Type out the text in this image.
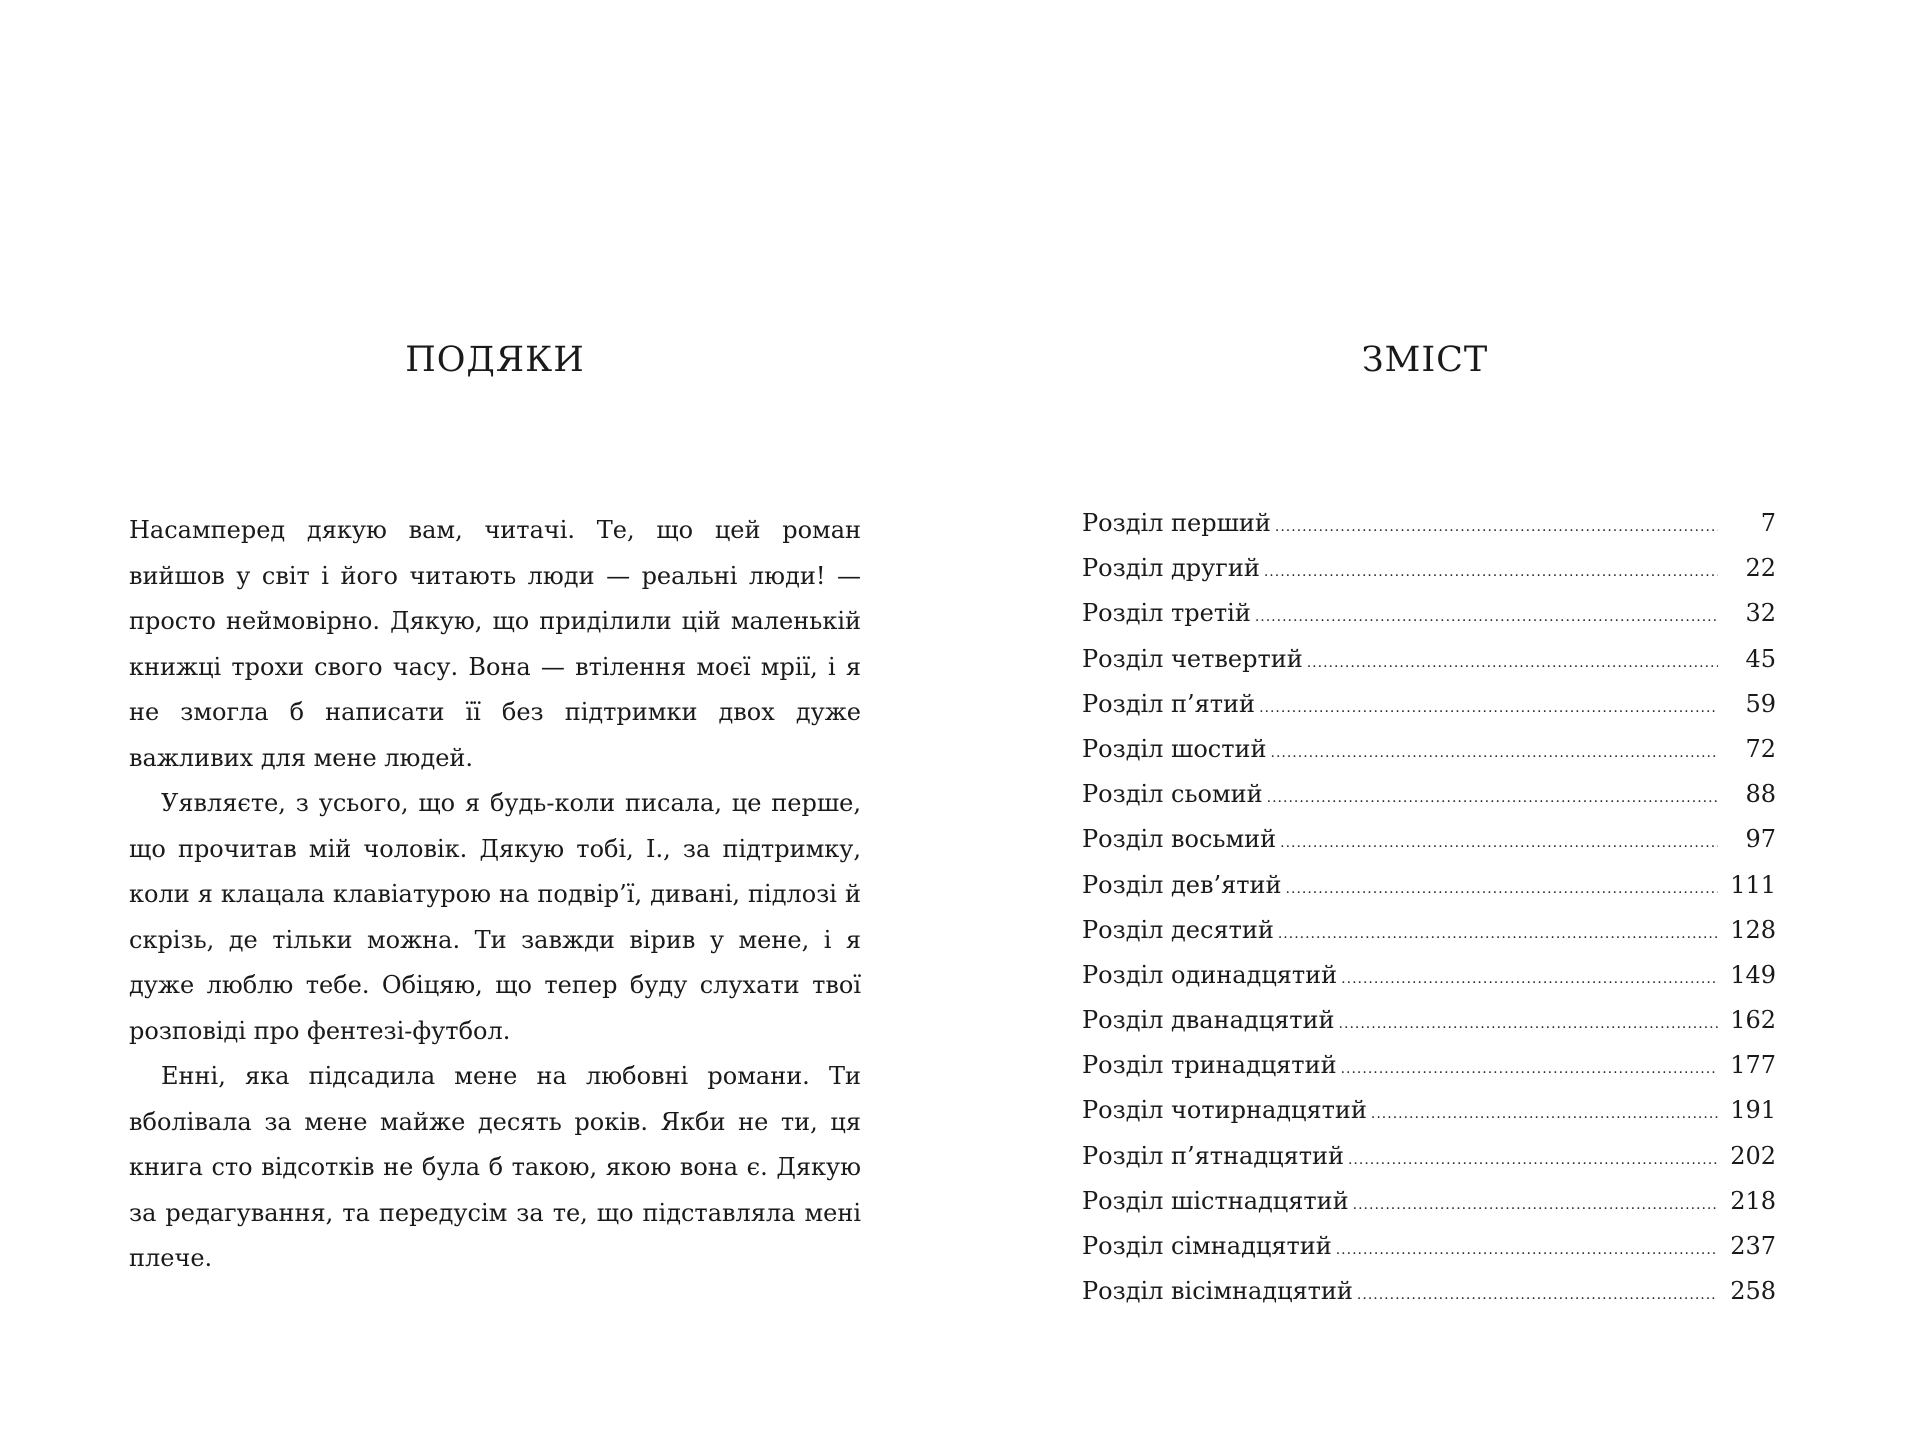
ПОДЯКИ

Насамперед дякую вам, читачі. Те, що цей роман вийшов у світ і його читають люди — реальні люди! — просто неймовірно. Дякую, що приділили цій маленькій книжці трохи свого часу. Вона — втілення моєї мрії, і я не змогла б написати її без підтримки двох дуже важливих для мене людей.

Уявляєте, з усього, що я будь-коли писала, це перше, що прочитав мій чоловік. Дякую тобі, І., за підтримку, коли я клацала клавіатурою на подвір’ї, дивані, підлозі й скрізь, де тільки можна. Ти завжди вірив у мене, і я дуже люблю тебе. Обіцяю, що тепер буду слухати твої розповіді про фентезі-футбол.

Енні, яка підсадила мене на любовні романи. Ти вболівала за мене майже десять років. Якби не ти, ця книга сто відсотків не була б такою, якою вона є. Дякую за редагування, та передусім за те, що підставляла мені плече.

ЗМІСТ
Розділ перший .....	7
Розділ другий .....	22
Розділ третій .....	32
Розділ четвертий .....	45
Розділ п’ятий .....	59
Розділ шостий .....	72
Розділ сьомий .....	88
Розділ восьмий .....	97
Розділ дев’ятий .....	111
Розділ десятий .....	128
Розділ одинадцятий .....	149
Розділ дванадцятий .....	162
Розділ тринадцятий .....	177
Розділ чотирнадцятий .....	191
Розділ п’ятнадцятий .....	202
Розділ шістнадцятий .....	218
Розділ сімнадцятий .....	237
Розділ вісімнадцятий .....	258
